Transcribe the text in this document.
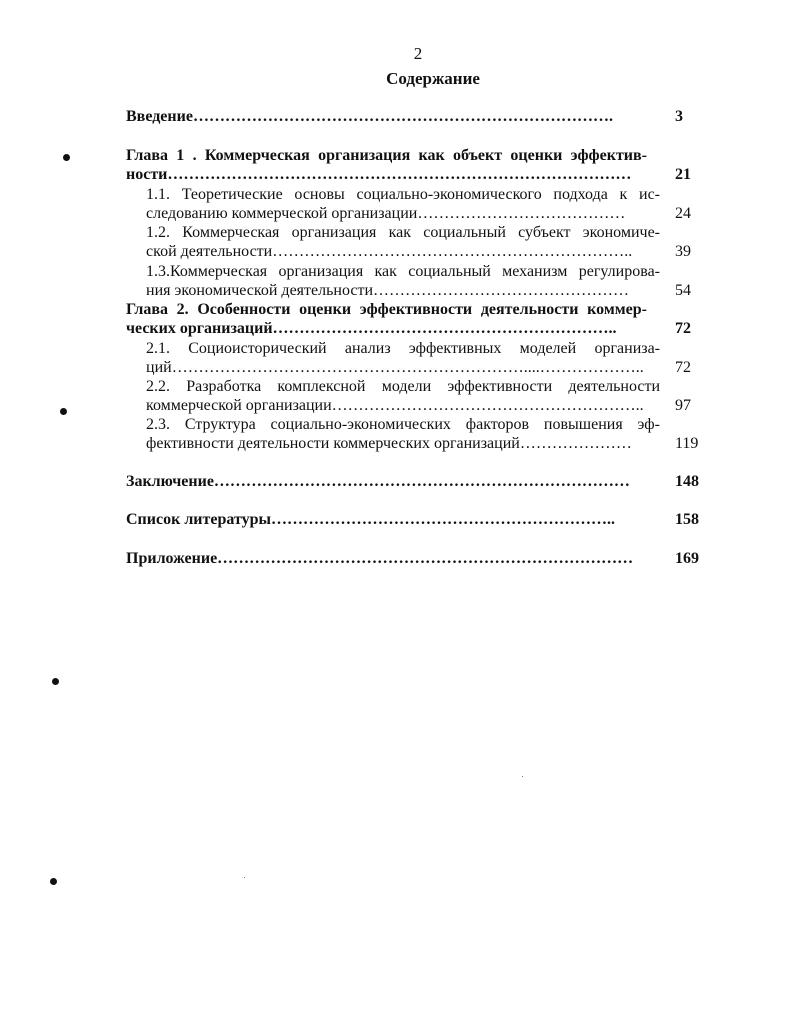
2
Содержание
Введение…………………………………………………………………….	3
Глава 1 . Коммерческая организация как объект оценки эффектив-
ности……………………………………………………………………………	21
1.1. Теоретические основы социально-экономического подхода к ис-
следованию коммерческой организации…………………………………	24
1.2. Коммерческая организация как социальный субъект экономиче-
ской деятельности…………………………………………………………..	39
1.3.Коммерческая организация как социальный механизм регулирова-
ния экономической деятельности…………………………………………	54
Глава 2. Особенности оценки эффективности деятельности коммер-
ческих организаций………………………………………………………..	72
2.1. Социоисторический анализ эффективных моделей организа-
ций…………………………………………………………....………………..	72
2.2. Разработка комплексной модели эффективности деятельности
коммерческой организации…………………………………………………..	97
2.3. Структура социально-экономических факторов повышения эф-
фективности деятельности коммерческих организаций…………………	119
Заключение……………………………………………………………………	148
Список литературы………………………………………………………..	158
Приложение……………………………………………………………………	169
